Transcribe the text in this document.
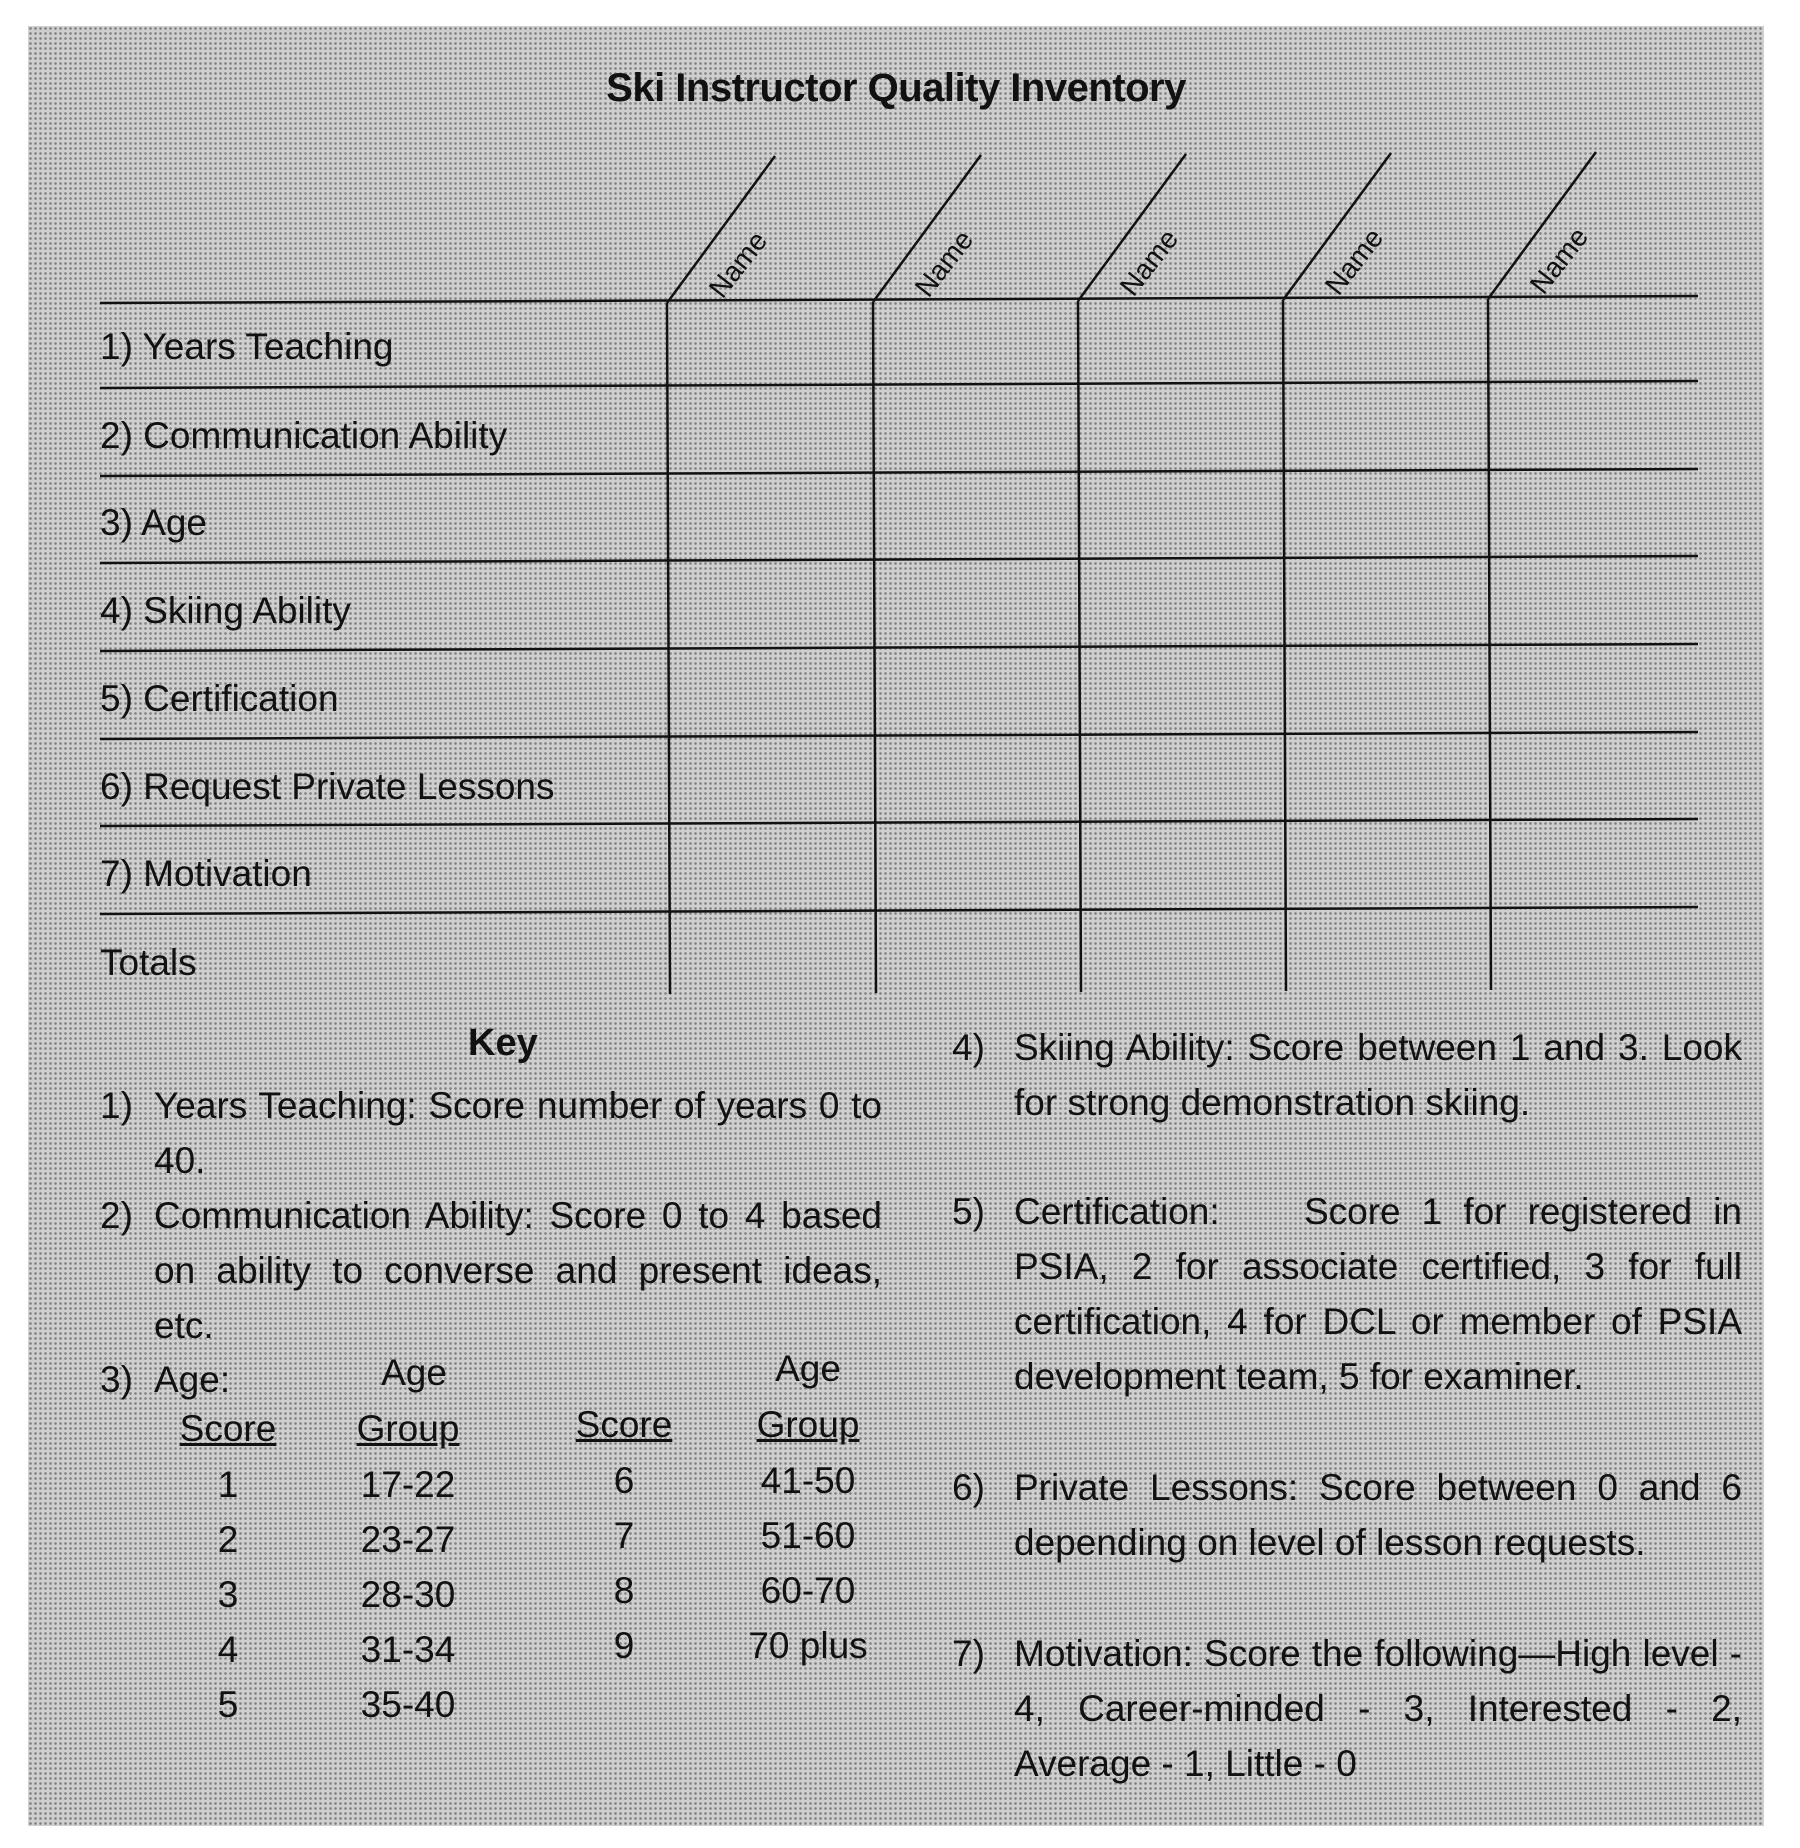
Ski Instructor Quality Inventory
Name	Name	Name	Name	Name
1) Years Teaching
2) Communication Ability
3) Age
4) Skiing Ability
5) Certification
6) Request Private Lessons
7) Motivation
Totals
Key
1) Years Teaching: Score number of years 0 to 40.
2) Communication Ability: Score 0 to 4 based on ability to converse and present ideas, etc.
3) Age:	Age	Age
Score	Group	Score	Group
1	17-22
2	23-27
3	28-30
4	31-34
5	35-40
6	41-50
7	51-60
8	60-70
9	70 plus
4) Skiing Ability: Score between 1 and 3. Look for strong demonstration skiing.
5) Certification:    Score 1 for registered in PSIA, 2 for associate certified, 3 for full certification, 4 for DCL or member of PSIA development team, 5 for examiner.
6) Private Lessons: Score between 0 and 6 depending on level of lesson requests.
7) Motivation: Score the following—High level - 4, Career-minded - 3, Interested - 2, Average - 1, Little - 0
